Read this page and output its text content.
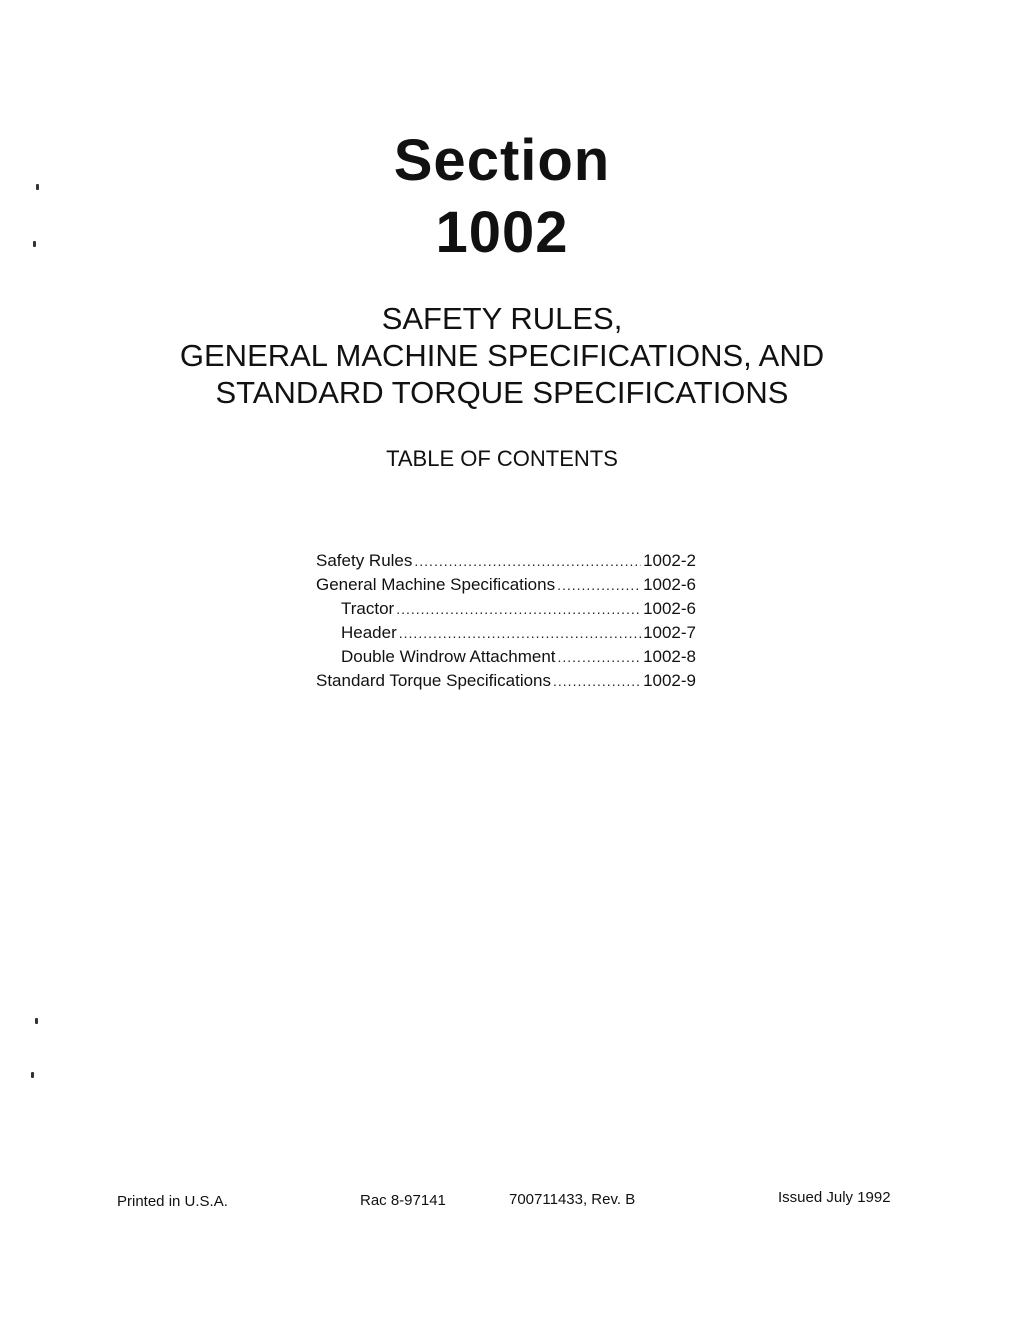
Section
1002
SAFETY RULES,
GENERAL MACHINE SPECIFICATIONS, AND
STANDARD TORQUE SPECIFICATIONS
TABLE OF CONTENTS
Safety Rules .....	1002-2
General Machine Specifications .....	1002-6
Tractor .....	1002-6
Header .....	1002-7
Double Windrow Attachment .....	1002-8
Standard Torque Specifications .....	1002-9
Printed in U.S.A.	Rac 8-97141	700711433, Rev. B	Issued July 1992
